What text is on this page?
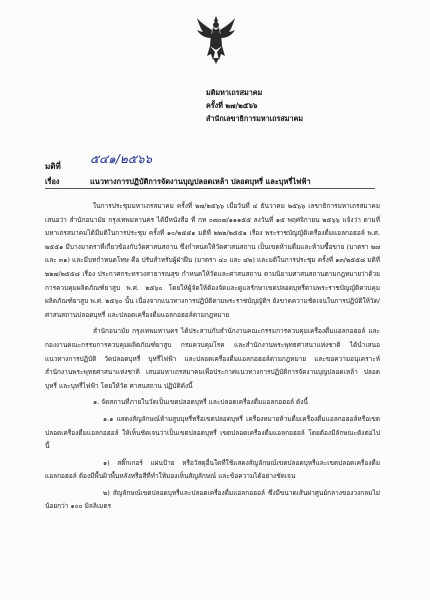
มติมหาเถรสมาคม
ครั้งที่ ๒๗/๒๕๖๖
สำนักเลขาธิการมหาเถรสมาคม
มติที่ ๕๔๑/๒๕๖๖
เรื่อง	แนวทางการปฏิบัติการจัดงานบุญปลอดเหล้า ปลอดบุหรี่ และบุหรี่ไฟฟ้า

ในการประชุมมหาเถรสมาคม ครั้งที่ ๒๗/๒๕๖๖ เมื่อวันที่ ๔ ธันวาคม ๒๕๖๖ เลขาธิการมหาเถรสมาคมเสนอว่า สำนักอนามัย กรุงเทพมหานคร ได้มีหนังสือ ที่ กท ๐๗๐๗/๑๑๑๕๕ ลงวันที่ ๑๕ พฤศจิกายน ๒๕๖๖ แจ้งว่า ตามที่ มหาเถรสมาคมได้มีมติในการประชุม ครั้งที่ ๑๐/๒๕๕๑ มติที่ ๒๒๒/๒๕๕๑ เรื่อง พระราชบัญญัติเครื่องดื่มแอลกอฮอล์ พ.ศ. ๒๕๕๑ มีบางมาตราที่เกี่ยวข้องกับวัดศาสนสถาน ซึ่งกำหนดให้วัดศาสนสถาน เป็นเขตห้ามดื่มและห้ามซื้อขาย (มาตรา ๒๗ และ ๓๑) และมีบทกำหนดโทษ คือ ปรับสำหรับผู้ฝ่าฝืน (มาตรา ๔๐ และ ๔๒) และมติในการประชุม ครั้งที่ ๑๓/๒๕๕๘ มติที่ ๒๒๗/๒๕๕๘ เรื่อง ประกาศกระทรวงสาธารณสุข กำหนดให้วัดและศาสนสถาน ตามนิยามศาสนสถานตามกฎหมายว่าด้วยการควบคุมผลิตภัณฑ์ยาสูบ พ.ศ. ๒๕๖๐ โดยให้ผู้จัดให้ต้องจัดและดูแลรักษาเขตปลอดบุหรี่ตามพระราชบัญญัติควบคุมผลิตภัณฑ์ยาสูบ พ.ศ. ๒๕๖๐ นั้น เนื่องจากแนวทางการปฏิบัติตามพระราชบัญญัติฯ ยังขาดความชัดเจนในการปฏิบัติให้วัด/ศาสนสถานปลอดบุหรี่ และปลอดเครื่องดื่มแอลกอฮอล์ตามกฎหมาย

สำนักอนามัย กรุงเทพมหานคร ได้ประสานกับสำนักงานคณะกรรมการควบคุมเครื่องดื่มแอลกอฮอล์ และกองงานคณะกรรมการควบคุมผลิตภัณฑ์ยาสูบ กรมควบคุมโรค และสำนักงานพระพุทธศาสนาแห่งชาติ ได้นำเสนอแนวทางการปฏิบัติ วัดปลอดบุหรี่ บุหรี่ไฟฟ้า และปลอดเครื่องดื่มแอลกอฮอล์ตามกฎหมาย และขอความอนุเคราะห์สำนักงานพระพุทธศาสนาแห่งชาติ เสนอมหาเถรสมาคมเพื่อประกาศแนวทางการปฏิบัติการจัดงานบุญปลอดเหล้า ปลอดบุหรี่ และบุหรี่ไฟฟ้า โดยให้วัด ศาสนสถาน ปฏิบัติดังนี้

๑. จัดสถานที่ภายในวัดเป็นเขตปลอดบุหรี่ และปลอดเครื่องดื่มแอลกอฮอล์ ดังนี้

๑.๑ แสดงสัญลักษณ์ห้ามสูบบุหรี่หรือเขตปลอดบุหรี่ เครื่องหมายห้ามดื่มเครื่องดื่มแอลกอฮอล์หรือเขตปลอดเครื่องดื่มแอลกอฮอล์ ให้เห็นชัดเจนว่าเป็นเขตปลอดบุหรี่ เขตปลอดเครื่องดื่มแอลกอฮอล์ โดยต้องมีลักษณะดังต่อไปนี้

๑) สติ๊กเกอร์ แผ่นป้าย หรือวัสดุอื่นใดที่ใช้แสดงสัญลักษณ์เขตปลอดบุหรี่และเขตปลอดเครื่องดื่มแอลกอฮอล์ ต้องมีพื้นผิวพื้นหลังหรือสีที่ทำให้มองเห็นสัญลักษณ์ และข้อความได้อย่างชัดเจน

๒) สัญลักษณ์เขตปลอดบุหรี่และปลอดเครื่องดื่มแอลกอฮอล์ ซึ่งมีขนาดเส้นผ่าศูนย์กลางของวงกลมไม่น้อยกว่า ๑๐๐ มิลลิเมตร
